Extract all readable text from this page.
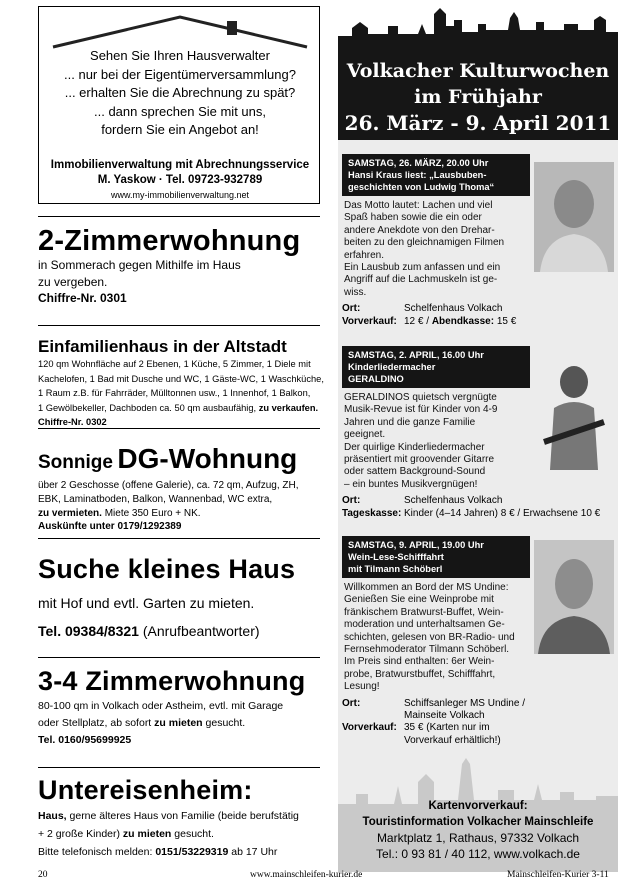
Sehen Sie Ihren Hausverwalter
... nur bei der Eigentümerversammlung?
... erhalten Sie die Abrechnung zu spät?
... dann sprechen Sie mit uns,
fordern Sie ein Angebot an!
Immobilienverwaltung mit Abrechnungsservice
M. Yaskow · Tel. 09723-932789
www.my-immobilienverwaltung.net
2-Zimmerwohnung
in Sommerach gegen Mithilfe im Haus
zu vergeben.
Chiffre-Nr. 0301
Einfamilienhaus in der Altstadt
120 qm Wohnfläche auf 2 Ebenen, 1 Küche, 5 Zimmer, 1 Diele mit
Kachelofen, 1 Bad mit Dusche und WC, 1 Gäste-WC, 1 Waschküche,
1 Raum z.B. für Fahrräder, Mülltonnen usw., 1 Innenhof, 1 Balkon,
1 Gewölbekeller, Dachboden ca. 50 qm ausbaufähig, zu verkaufen.
Chiffre-Nr. 0302
Sonnige DG-Wohnung
über 2 Geschosse (offene Galerie), ca. 72 qm, Aufzug, ZH,
EBK, Laminatboden, Balkon, Wannenbad, WC extra,
zu vermieten. Miete 350 Euro + NK.
Auskünfte unter 0179/1292389
Suche kleines Haus
mit Hof und evtl. Garten zu mieten.
Tel. 09384/8321 (Anrufbeantworter)
3-4 Zimmerwohnung
80-100 qm in Volkach oder Astheim, evtl. mit Garage
oder Stellplatz, ab sofort zu mieten gesucht.
Tel. 0160/95699925
Untereisenheim:
Haus, gerne älteres Haus von Familie (beide berufstätig
+ 2 große Kinder) zu mieten gesucht.
Bitte telefonisch melden: 0151/53229319 ab 17 Uhr
Volkacher Kulturwochen
im Frühjahr
26. März - 9. April 2011
SAMSTAG, 26. MÄRZ, 20.00 Uhr
Hansi Kraus liest: „Lausbuben-
geschichten von Ludwig Thoma“
Das Motto lautet: Lachen und viel
Spaß haben sowie die ein oder
andere Anekdote von den Drehar-
beiten zu den gleichnamigen Filmen
erfahren.
Ein Lausbub zum anfassen und ein
Angriff auf die Lachmuskeln ist ge-
wiss.
Ort:	Schelfenhaus Volkach
Vorverkauf: 12 € / Abendkasse: 15 €
SAMSTAG, 2. APRIL, 16.00 Uhr
Kinderliedermacher
GERALDINO
GERALDINOS quietsch vergnügte
Musik-Revue ist für Kinder von 4-9
Jahren und die ganze Familie
geeignet.
Der quirlige Kinderliedermacher
präsentiert mit groovender Gitarre
oder sattem Background-Sound
– ein buntes Musikvergnügen!
Ort:	Schelfenhaus Volkach
Tageskasse: Kinder (4–14 Jahren) 8 € / Erwachsene 10 €
SAMSTAG, 9. APRIL, 19.00 Uhr
Wein-Lese-Schifffahrt
mit Tilmann Schöberl
Willkommen an Bord der MS Undine:
Genießen Sie eine Weinprobe mit
fränkischem Bratwurst-Buffet, Wein-
moderation und unterhaltsamen Ge-
schichten, gelesen von BR-Radio- und
Fernsehmoderator Tilmann Schöberl.
Im Preis sind enthalten: 6er Wein-
probe, Bratwurstbuffet, Schifffahrt,
Lesung!
Ort:	Schiffsanleger MS Undine /
Mainseite Volkach
Vorverkauf: 35 € (Karten nur im
Vorverkauf erhältlich!)
Kartenvorverkauf:
Touristinformation Volkacher Mainschleife
Marktplatz 1, Rathaus, 97332 Volkach
Tel.: 0 93 81 / 40 112, www.volkach.de
20	www.mainschleifen-kurier.de	Mainschleifen-Kurier 3-11
